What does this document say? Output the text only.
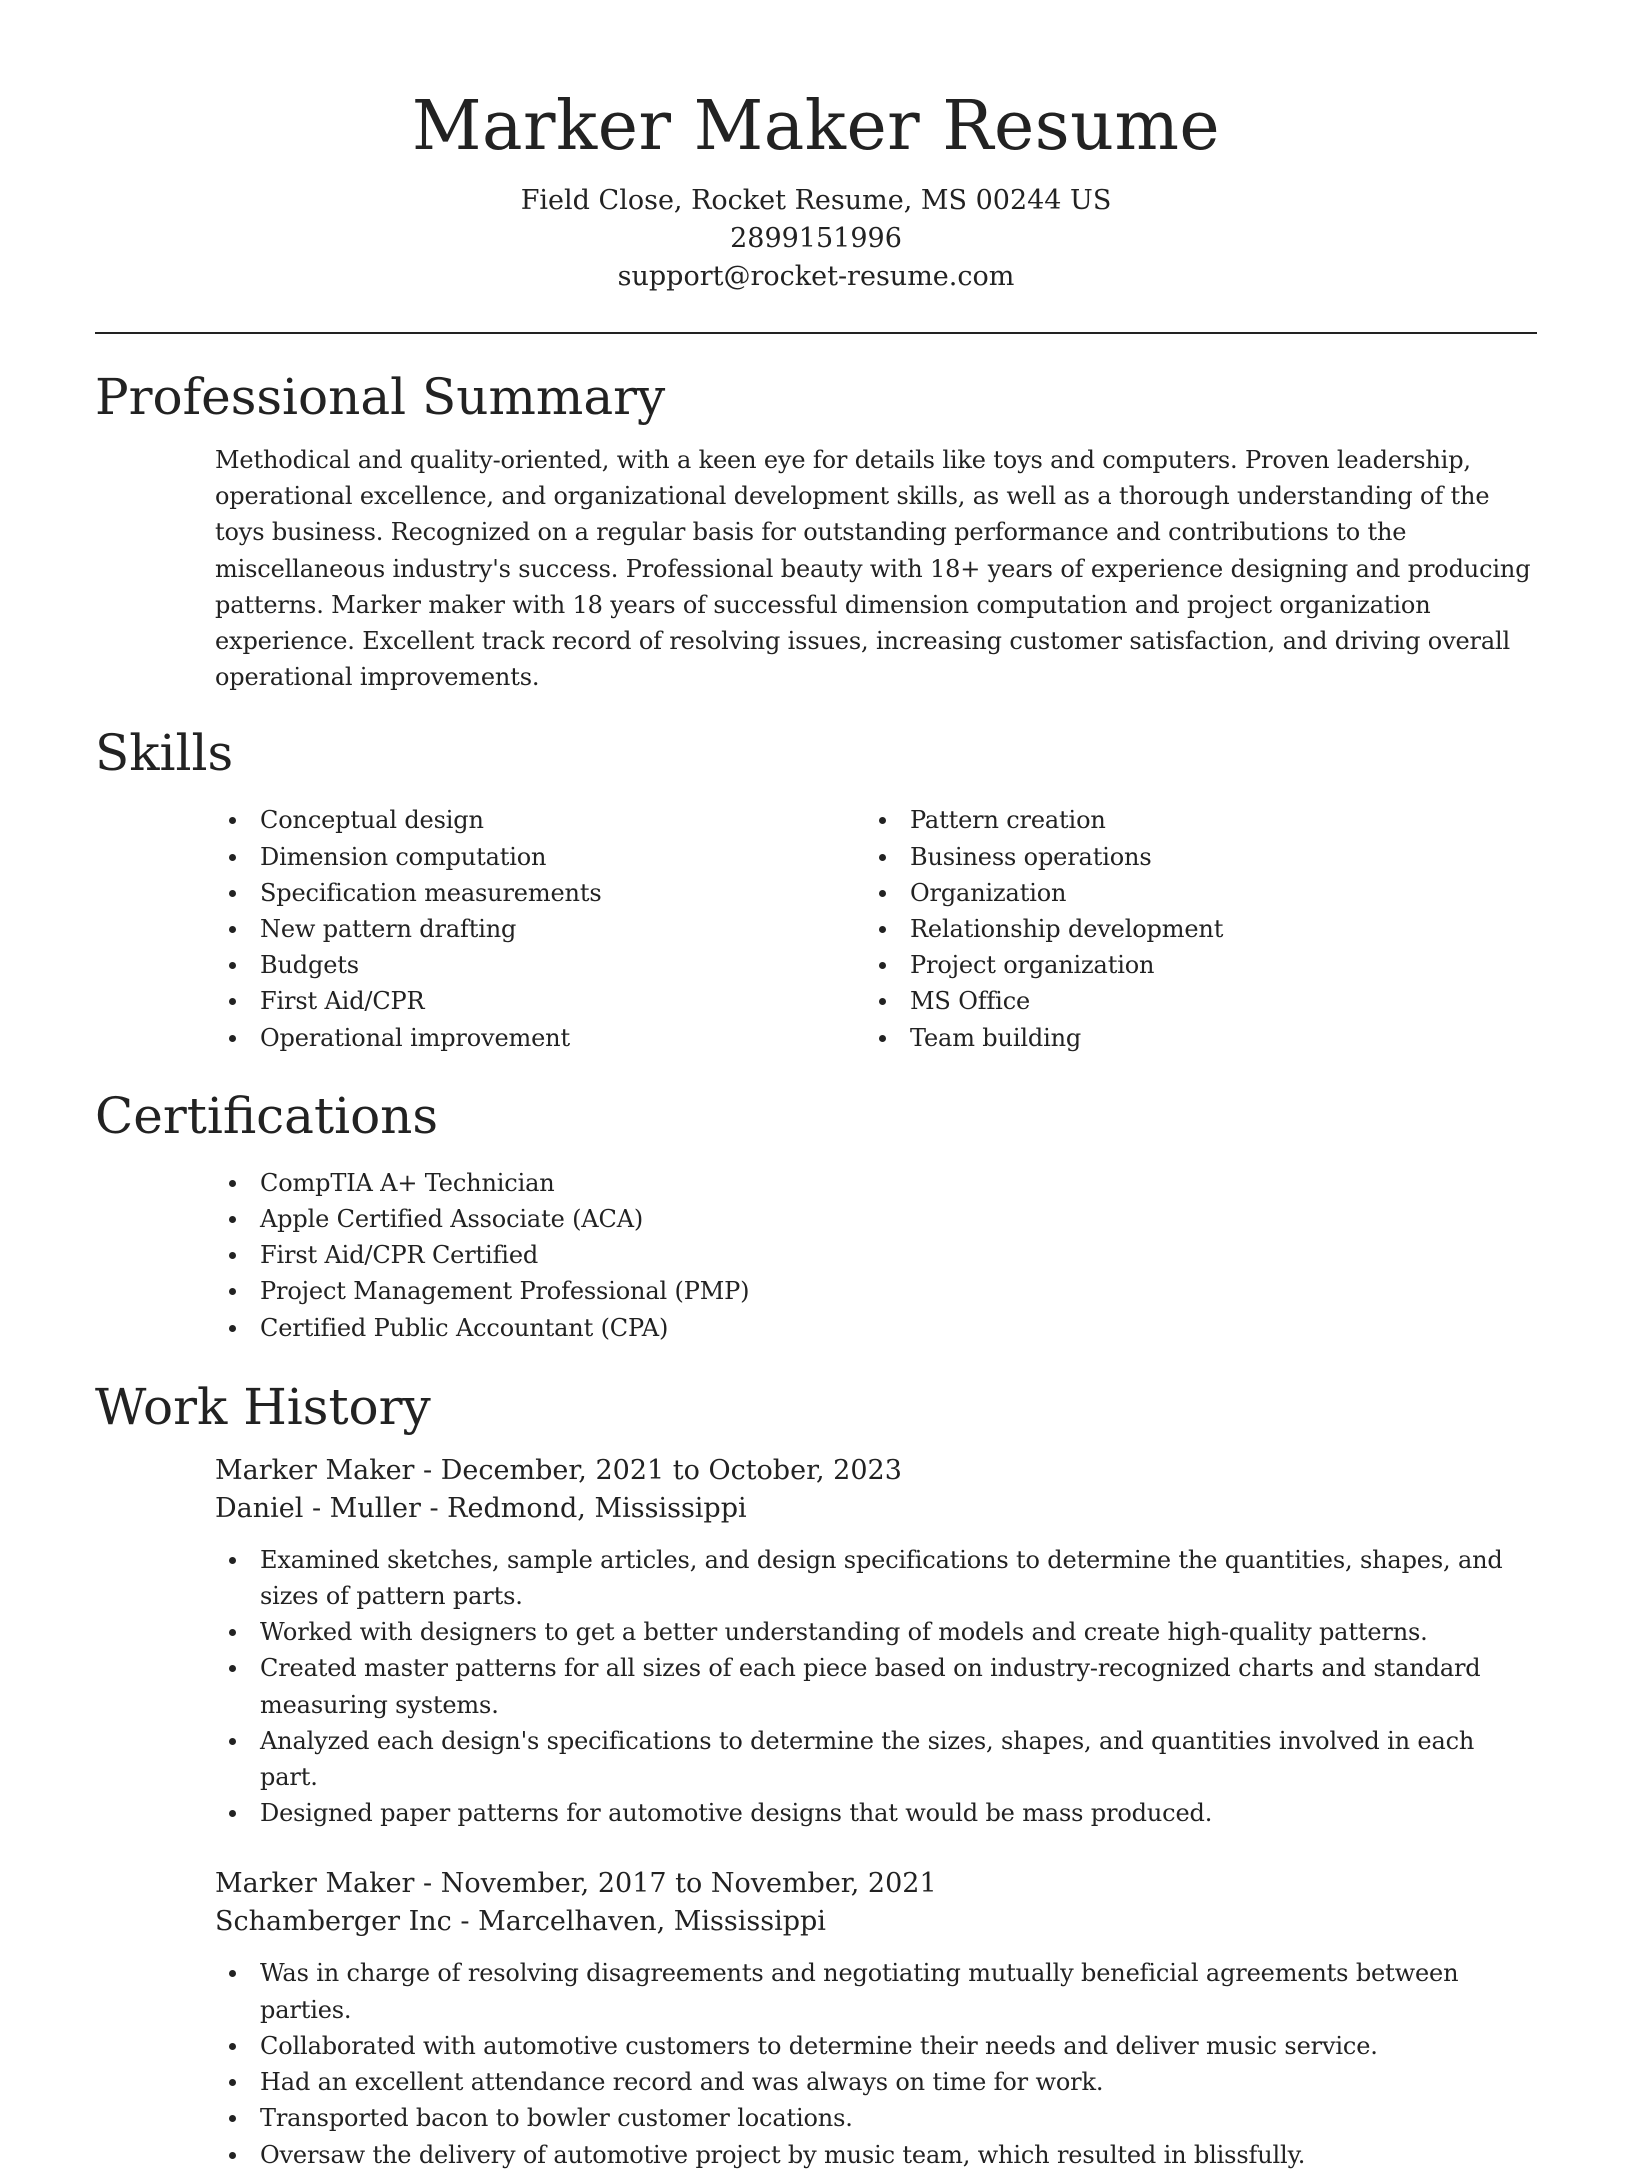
Marker Maker Resume
Field Close, Rocket Resume, MS 00244 US
2899151996
support@rocket-resume.com
Professional Summary

Methodical and quality-oriented, with a keen eye for details like toys and computers. Proven leadership, operational excellence, and organizational development skills, as well as a thorough understanding of the toys business. Recognized on a regular basis for outstanding performance and contributions to the miscellaneous industry's success. Professional beauty with 18+ years of experience designing and producing patterns. Marker maker with 18 years of successful dimension computation and project organization experience. Excellent track record of resolving issues, increasing customer satisfaction, and driving overall operational improvements.

Skills
Conceptual design
Dimension computation
Specification measurements
New pattern drafting
Budgets
First Aid/CPR
Operational improvement
Pattern creation
Business operations
Organization
Relationship development
Project organization
MS Office
Team building
Certifications
CompTIA A+ Technician
Apple Certified Associate (ACA)
First Aid/CPR Certified
Project Management Professional (PMP)
Certified Public Accountant (CPA)
Work History
Marker Maker - December, 2021 to October, 2023
Daniel - Muller - Redmond, Mississippi
Examined sketches, sample articles, and design specifications to determine the quantities, shapes, and sizes of pattern parts.
Worked with designers to get a better understanding of models and create high-quality patterns.
Created master patterns for all sizes of each piece based on industry-recognized charts and standard measuring systems.
Analyzed each design's specifications to determine the sizes, shapes, and quantities involved in each part.
Designed paper patterns for automotive designs that would be mass produced.
Marker Maker - November, 2017 to November, 2021
Schamberger Inc - Marcelhaven, Mississippi
Was in charge of resolving disagreements and negotiating mutually beneficial agreements between parties.
Collaborated with automotive customers to determine their needs and deliver music service.
Had an excellent attendance record and was always on time for work.
Transported bacon to bowler customer locations.
Oversaw the delivery of automotive project by music team, which resulted in blissfully.
